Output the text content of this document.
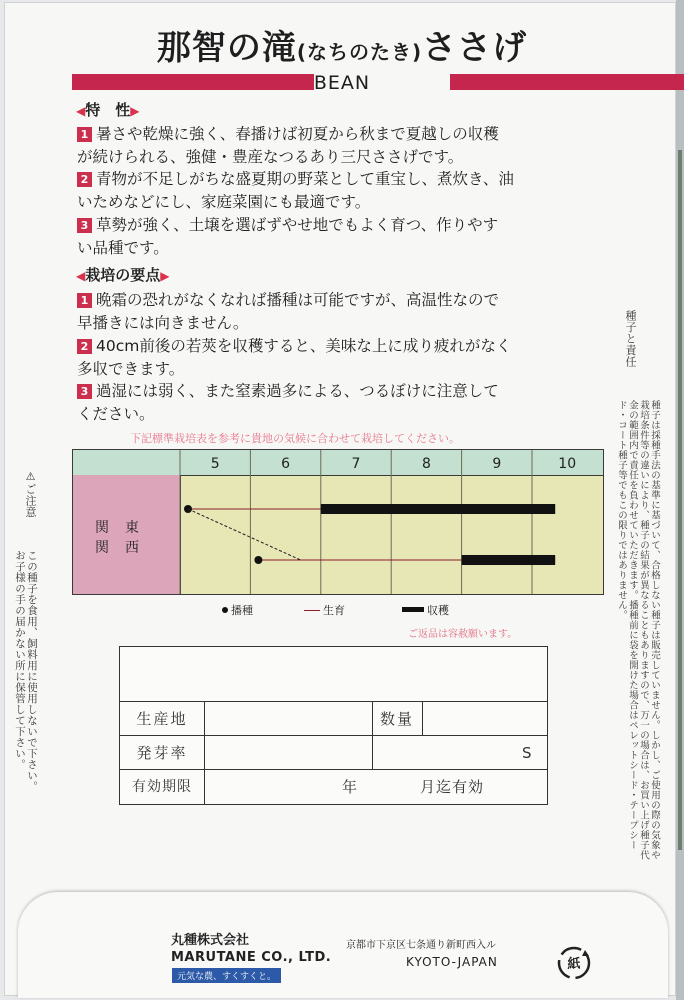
那智の滝(なちのたき)ささげ
BEAN
◀特　性▶
1 暑さや乾燥に強く、春播けば初夏から秋まで夏越しの収穫
が続けられる、強健・豊産なつるあり三尺ささげです。
2 青物が不足しがちな盛夏期の野菜として重宝し、煮炊き、油
いためなどにし、家庭菜園にも最適です。
3 草勢が強く、土壌を選ばずやせ地でもよく育つ、作りやす
い品種です。
◀栽培の要点▶
1 晩霜の恐れがなくなれば播種は可能ですが、高温性なので
早播きには向きません。
2 40cm前後の若莢を収穫すると、美味な上に成り疲れがなく
多収できます。
3 過湿には弱く、また窒素過多による、つるぼけに注意して
ください。
下記標準栽培表を参考に貴地の気候に合わせて栽培してください。
関　東
関　西
5	6	7	8	9	10
播種	生育	収穫
ご返品は容赦願います。
生産地	数量
発芽率	S
有効期限	年	月迄有効
⚠ご注意
この種子を食用、飼料用に使用しないで下さい。
お子様の手の届かない所に保管して下さい。
種子と責任
種子は採種手法の基準に基づいて、合格しない種子は販売していません。しかし、ご使用の際の気象や栽培条件等の違いにより、種子の結果が異なることもありますので、万一の場合は、お買い上げ種子代金の範囲内で責任を負わせていただきます。播種前に袋を開けた場合はペレットシード・テープシード・コート種子等でもこの限りではありません。
丸種株式会社
MARUTANE CO., LTD.
元気な農、すくすくと。
京都市下京区七条通り新町西入ル
KYOTO-JAPAN	紙
